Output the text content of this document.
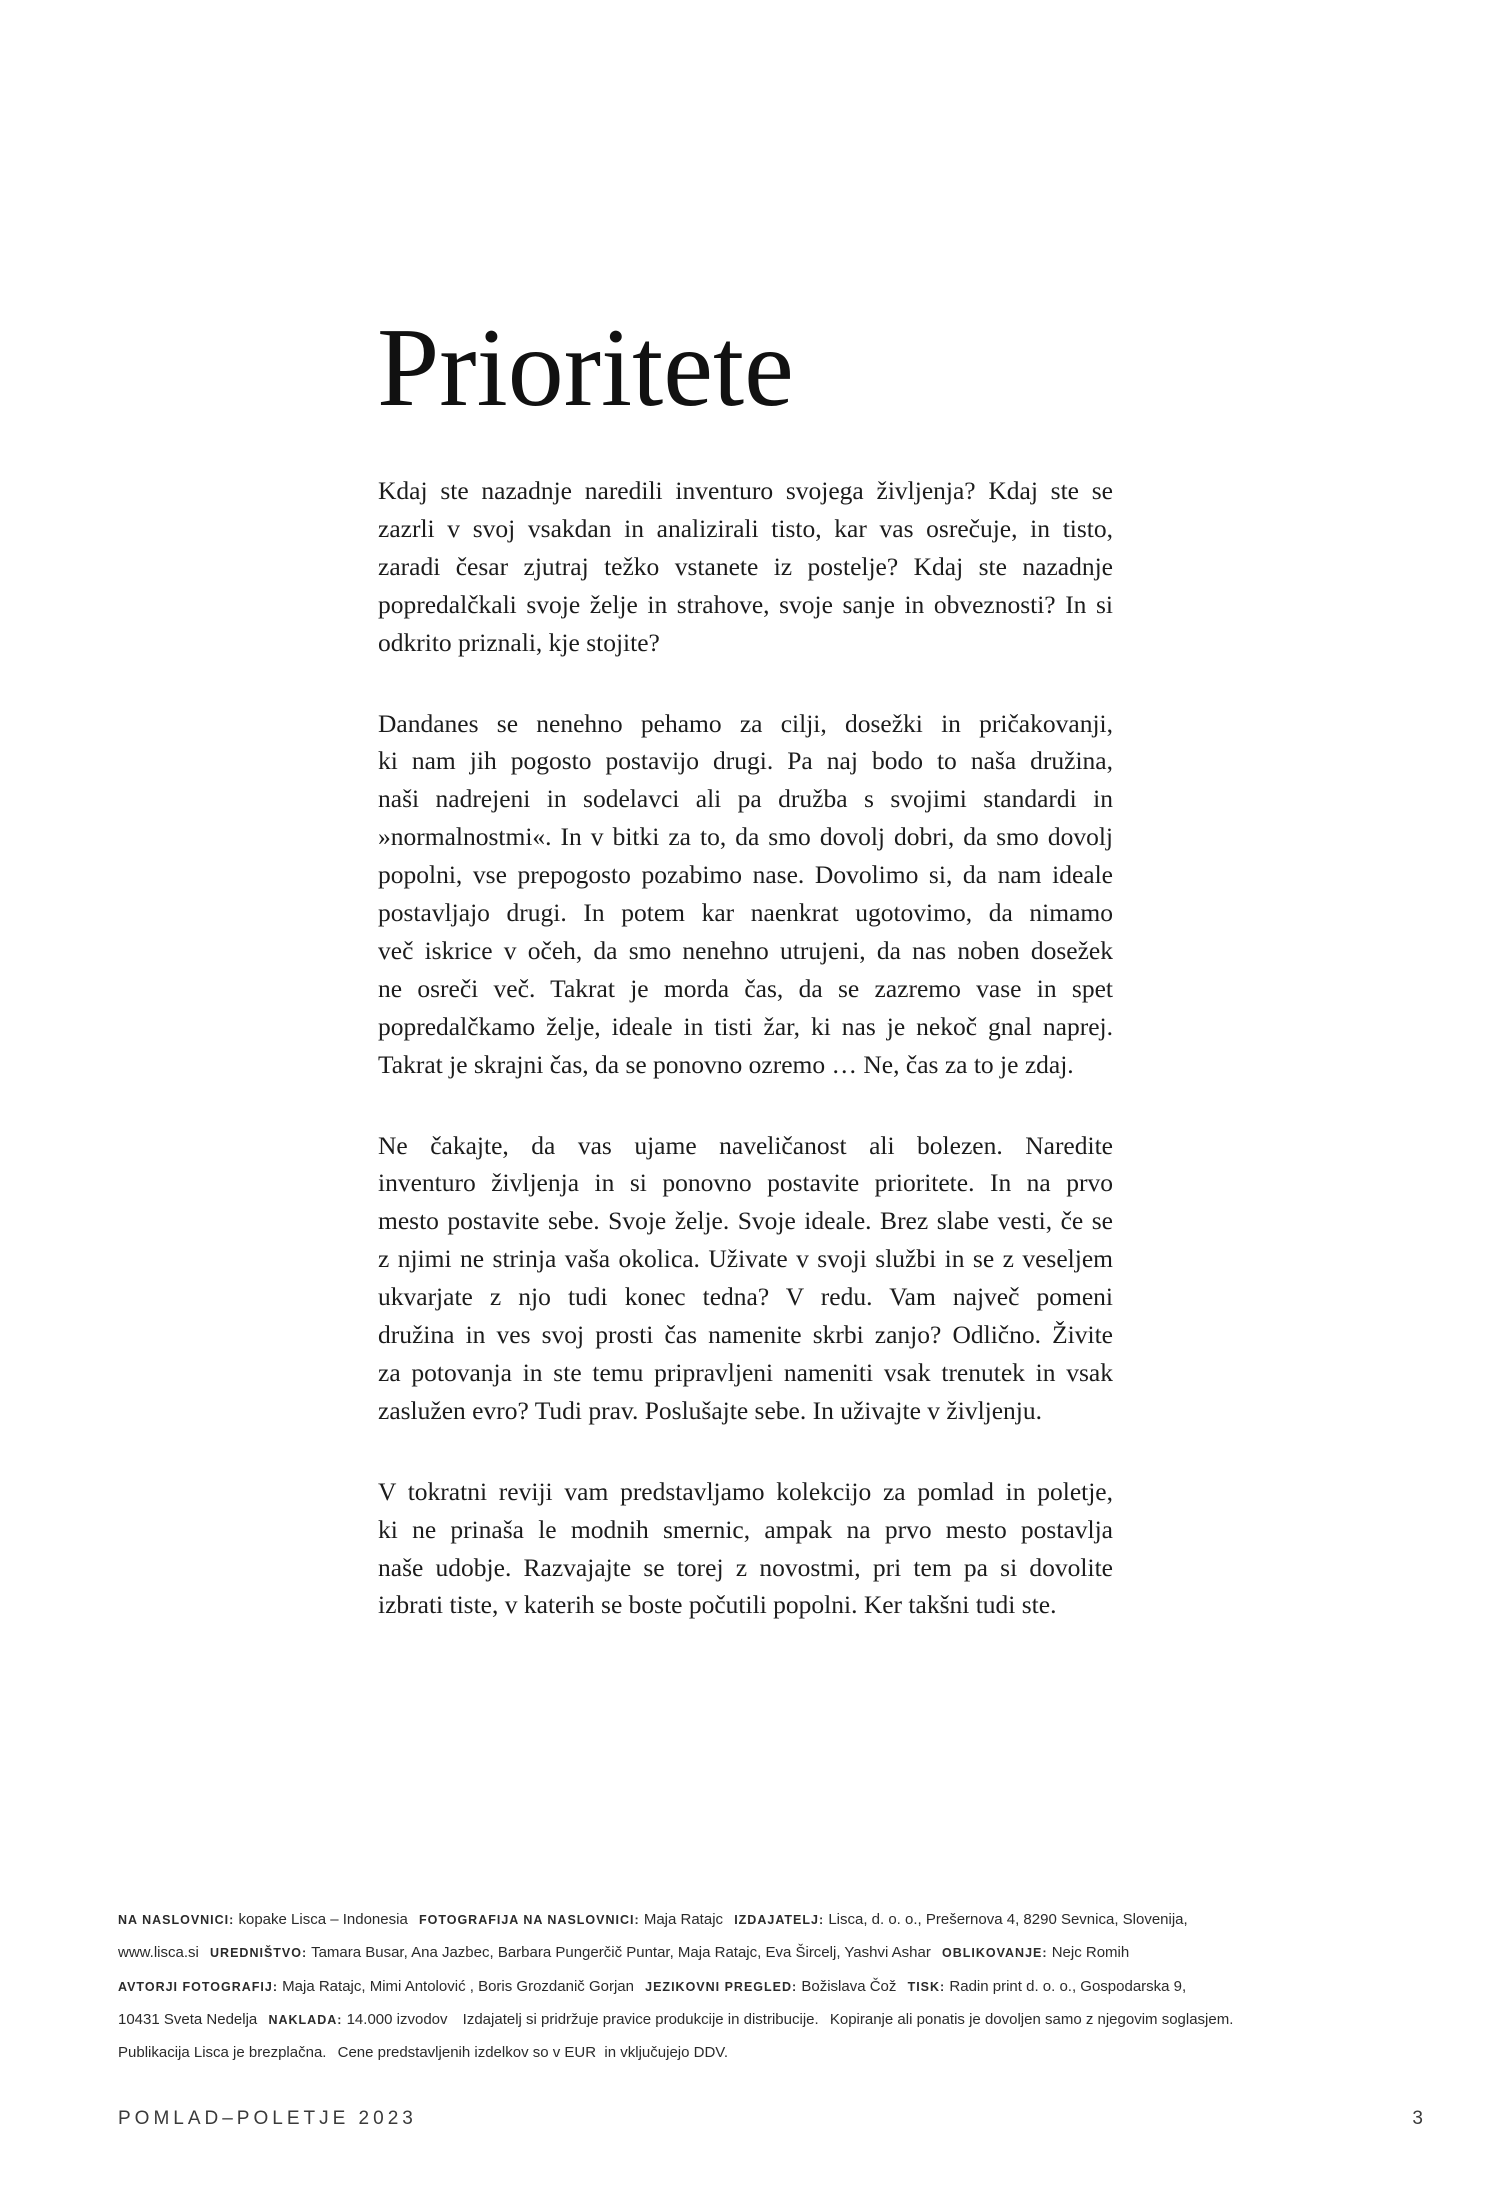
Prioritete
Kdaj ste nazadnje naredili inventuro svojega življenja? Kdaj ste se
zazrli v svoj vsakdan in analizirali tisto, kar vas osrečuje, in tisto,
zaradi česar zjutraj težko vstanete iz postelje? Kdaj ste nazadnje
popredalčkali svoje želje in strahove, svoje sanje in obveznosti? In si
odkrito priznali, kje stojite?
Dandanes se nenehno pehamo za cilji, dosežki in pričakovanji,
ki nam jih pogosto postavijo drugi. Pa naj bodo to naša družina,
naši nadrejeni in sodelavci ali pa družba s svojimi standardi in
»normalnostmi«. In v bitki za to, da smo dovolj dobri, da smo dovolj
popolni, vse prepogosto pozabimo nase. Dovolimo si, da nam ideale
postavljajo drugi. In potem kar naenkrat ugotovimo, da nimamo
več iskrice v očeh, da smo nenehno utrujeni, da nas noben dosežek
ne osreči več. Takrat je morda čas, da se zazremo vase in spet
popredalčkamo želje, ideale in tisti žar, ki nas je nekoč gnal naprej.
Takrat je skrajni čas, da se ponovno ozremo … Ne, čas za to je zdaj.
Ne čakajte, da vas ujame naveličanost ali bolezen. Naredite
inventuro življenja in si ponovno postavite prioritete. In na prvo
mesto postavite sebe. Svoje želje. Svoje ideale. Brez slabe vesti, če se
z njimi ne strinja vaša okolica. Uživate v svoji službi in se z veseljem
ukvarjate z njo tudi konec tedna? V redu. Vam največ pomeni
družina in ves svoj prosti čas namenite skrbi zanjo? Odlično. Živite
za potovanja in ste temu pripravljeni nameniti vsak trenutek in vsak
zaslužen evro? Tudi prav. Poslušajte sebe. In uživajte v življenju.
V tokratni reviji vam predstavljamo kolekcijo za pomlad in poletje,
ki ne prinaša le modnih smernic, ampak na prvo mesto postavlja
naše udobje. Razvajajte se torej z novostmi, pri tem pa si dovolite
izbrati tiste, v katerih se boste počutili popolni. Ker takšni tudi ste.
NA NASLOVNICI: kopake Lisca – Indonesia FOTOGRAFIJA NA NASLOVNICI: Maja Ratajc IZDAJATELJ: Lisca, d. o. o., Prešernova 4, 8290 Sevnica, Slovenija,
www.lisca.si UREDNIŠTVO: Tamara Busar, Ana Jazbec, Barbara Pungerčič Puntar, Maja Ratajc, Eva Šircelj, Yashvi Ashar OBLIKOVANJE: Nejc Romih
AVTORJI FOTOGRAFIJ: Maja Ratajc, Mimi Antolović , Boris Grozdanič Gorjan JEZIKOVNI PREGLED: Božislava Čož TISK: Radin print d. o. o., Gospodarska 9,
10431 Sveta Nedelja NAKLADA: 14.000 izvodov Izdajatelj si pridržuje pravice produkcije in distribucije. Kopiranje ali ponatis je dovoljen samo z njegovim soglasjem.
Publikacija Lisca je brezplačna. Cene predstavljenih izdelkov so v EUR  in vključujejo DDV.
POMLAD–POLETJE 2023	3
